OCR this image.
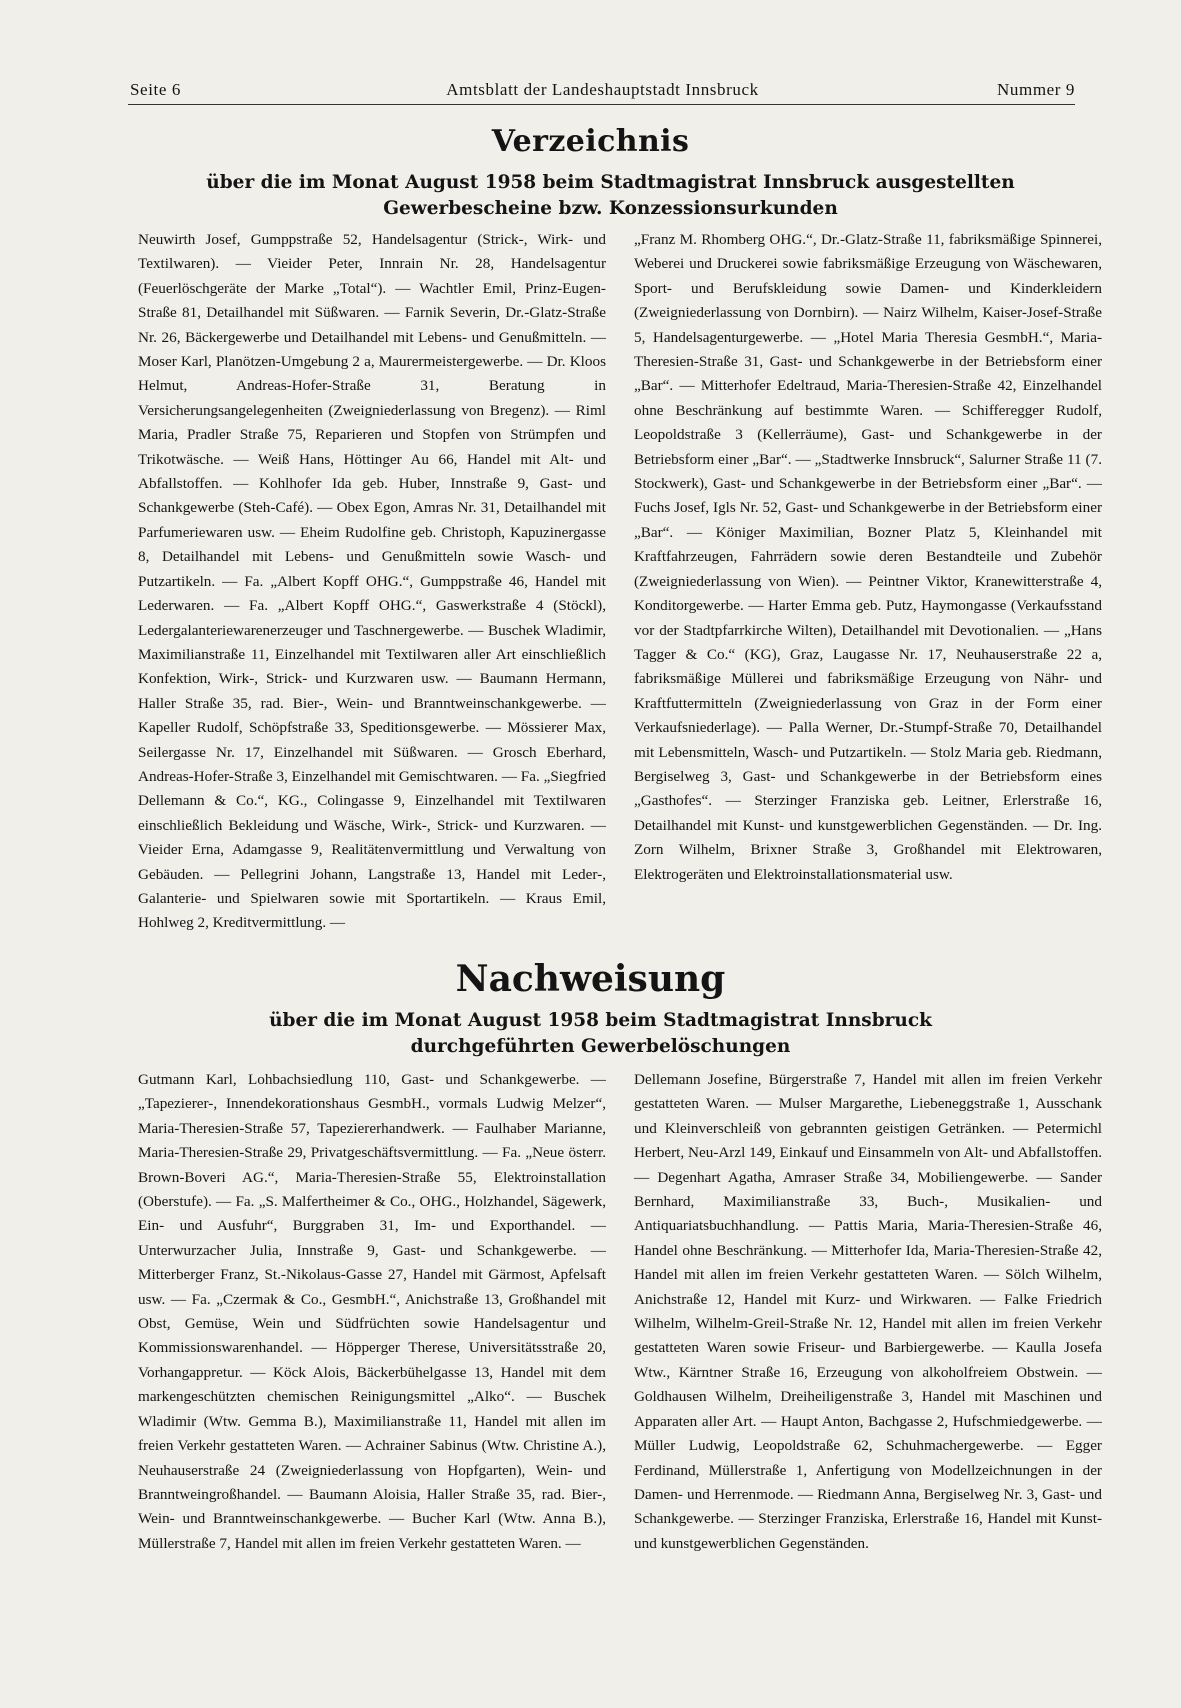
Seite 6	Amtsblatt der Landeshauptstadt Innsbruck	Nummer 9
Verzeichnis
über die im Monat August 1958 beim Stadtmagistrat Innsbruck ausgestellten
Gewerbescheine bzw. Konzessionsurkunden

Neuwirth Josef, Gumppstraße 52, Handelsagentur (Strick-, Wirk- und Textilwaren). — Vieider Peter, Innrain Nr. 28, Handelsagentur (Feuerlöschgeräte der Marke „Total“). — Wachtler Emil, Prinz-Eugen-Straße 81, Detailhandel mit Süßwaren. — Farnik Severin, Dr.-Glatz-Straße Nr. 26, Bäckergewerbe und Detailhandel mit Lebens- und Genußmitteln. — Moser Karl, Planötzen-Umgebung 2 a, Maurermeistergewerbe. — Dr. Kloos Helmut, Andreas-Hofer-Straße 31, Beratung in Versicherungsangelegenheiten (Zweigniederlassung von Bregenz). — Riml Maria, Pradler Straße 75, Reparieren und Stopfen von Strümpfen und Trikotwäsche. — Weiß Hans, Höttinger Au 66, Handel mit Alt- und Abfallstoffen. — Kohlhofer Ida geb. Huber, Innstraße 9, Gast- und Schankgewerbe (Steh-Café). — Obex Egon, Amras Nr. 31, Detailhandel mit Parfumeriewaren usw. — Eheim Rudolfine geb. Christoph, Kapuzinergasse 8, Detailhandel mit Lebens- und Genußmitteln sowie Wasch- und Putzartikeln. — Fa. „Albert Kopff OHG.“, Gumppstraße 46, Handel mit Lederwaren. — Fa. „Albert Kopff OHG.“, Gaswerkstraße 4 (Stöckl), Ledergalanteriewarenerzeuger und Taschnergewerbe. — Buschek Wladimir, Maximilianstraße 11, Einzelhandel mit Textilwaren aller Art einschließlich Konfektion, Wirk-, Strick- und Kurzwaren usw. — Baumann Hermann, Haller Straße 35, rad. Bier-, Wein- und Branntweinschankgewerbe. — Kapeller Rudolf, Schöpfstraße 33, Speditionsgewerbe. — Mössierer Max, Seilergasse Nr. 17, Einzelhandel mit Süßwaren. — Grosch Eberhard, Andreas-Hofer-Straße 3, Einzelhandel mit Gemischtwaren. — Fa. „Siegfried Dellemann & Co.“, KG., Colingasse 9, Einzelhandel mit Textilwaren einschließlich Bekleidung und Wäsche, Wirk-, Strick- und Kurzwaren. — Vieider Erna, Adamgasse 9, Realitätenvermittlung und Verwaltung von Gebäuden. — Pellegrini Johann, Langstraße 13, Handel mit Leder-, Galanterie- und Spielwaren sowie mit Sportartikeln. — Kraus Emil, Hohlweg 2, Kreditvermittlung. —

„Franz M. Rhomberg OHG.“, Dr.-Glatz-Straße 11, fabriksmäßige Spinnerei, Weberei und Druckerei sowie fabriksmäßige Erzeugung von Wäschewaren, Sport- und Berufskleidung sowie Damen- und Kinderkleidern (Zweigniederlassung von Dornbirn). — Nairz Wilhelm, Kaiser-Josef-Straße 5, Handelsagenturgewerbe. — „Hotel Maria Theresia GesmbH.“, Maria-Theresien-Straße 31, Gast- und Schankgewerbe in der Betriebsform einer „Bar“. — Mitterhofer Edeltraud, Maria-Theresien-Straße 42, Einzelhandel ohne Beschränkung auf bestimmte Waren. — Schifferegger Rudolf, Leopoldstraße 3 (Kellerräume), Gast- und Schankgewerbe in der Betriebsform einer „Bar“. — „Stadtwerke Innsbruck“, Salurner Straße 11 (7. Stockwerk), Gast- und Schankgewerbe in der Betriebsform einer „Bar“. — Fuchs Josef, Igls Nr. 52, Gast- und Schankgewerbe in der Betriebsform einer „Bar“. — Königer Maximilian, Bozner Platz 5, Kleinhandel mit Kraftfahrzeugen, Fahrrädern sowie deren Bestandteile und Zubehör (Zweigniederlassung von Wien). — Peintner Viktor, Kranewitterstraße 4, Konditorgewerbe. — Harter Emma geb. Putz, Haymongasse (Verkaufsstand vor der Stadtpfarrkirche Wilten), Detailhandel mit Devotionalien. — „Hans Tagger & Co.“ (KG), Graz, Laugasse Nr. 17, Neuhauserstraße 22 a, fabriksmäßige Müllerei und fabriksmäßige Erzeugung von Nähr- und Kraftfuttermitteln (Zweigniederlassung von Graz in der Form einer Verkaufsniederlage). — Palla Werner, Dr.-Stumpf-Straße 70, Detailhandel mit Lebensmitteln, Wasch- und Putzartikeln. — Stolz Maria geb. Riedmann, Bergiselweg 3, Gast- und Schankgewerbe in der Betriebsform eines „Gasthofes“. — Sterzinger Franziska geb. Leitner, Erlerstraße 16, Detailhandel mit Kunst- und kunstgewerblichen Gegenständen. — Dr. Ing. Zorn Wilhelm, Brixner Straße 3, Großhandel mit Elektrowaren, Elektrogeräten und Elektroinstallationsmaterial usw.

Nachweisung
über die im Monat August 1958 beim Stadtmagistrat Innsbruck
durchgeführten Gewerbelöschungen

Gutmann Karl, Lohbachsiedlung 110, Gast- und Schankgewerbe. — „Tapezierer-, Innendekorationshaus GesmbH., vormals Ludwig Melzer“, Maria-Theresien-Straße 57, Tapeziererhandwerk. — Faulhaber Marianne, Maria-Theresien-Straße 29, Privatgeschäftsvermittlung. — Fa. „Neue österr. Brown-Boveri AG.“, Maria-Theresien-Straße 55, Elektroinstallation (Oberstufe). — Fa. „S. Malfertheimer & Co., OHG., Holzhandel, Sägewerk, Ein- und Ausfuhr“, Burggraben 31, Im- und Exporthandel. — Unterwurzacher Julia, Innstraße 9, Gast- und Schankgewerbe. — Mitterberger Franz, St.-Nikolaus-Gasse 27, Handel mit Gärmost, Apfelsaft usw. — Fa. „Czermak & Co., GesmbH.“, Anichstraße 13, Großhandel mit Obst, Gemüse, Wein und Südfrüchten sowie Handelsagentur und Kommissionswarenhandel. — Höpperger Therese, Universitätsstraße 20, Vorhangappretur. — Köck Alois, Bäckerbühelgasse 13, Handel mit dem markengeschützten chemischen Reinigungsmittel „Alko“. — Buschek Wladimir (Wtw. Gemma B.), Maximilianstraße 11, Handel mit allen im freien Verkehr gestatteten Waren. — Achrainer Sabinus (Wtw. Christine A.), Neuhauserstraße 24 (Zweigniederlassung von Hopfgarten), Wein- und Branntweingroßhandel. — Baumann Aloisia, Haller Straße 35, rad. Bier-, Wein- und Branntweinschankgewerbe. — Bucher Karl (Wtw. Anna B.), Müllerstraße 7, Handel mit allen im freien Verkehr gestatteten Waren. —

Dellemann Josefine, Bürgerstraße 7, Handel mit allen im freien Verkehr gestatteten Waren. — Mulser Margarethe, Liebeneggstraße 1, Ausschank und Kleinverschleiß von gebrannten geistigen Getränken. — Petermichl Herbert, Neu-Arzl 149, Einkauf und Einsammeln von Alt- und Abfallstoffen. — Degenhart Agatha, Amraser Straße 34, Mobiliengewerbe. — Sander Bernhard, Maximilianstraße 33, Buch-, Musikalien- und Antiquariatsbuchhandlung. — Pattis Maria, Maria-Theresien-Straße 46, Handel ohne Beschränkung. — Mitterhofer Ida, Maria-Theresien-Straße 42, Handel mit allen im freien Verkehr gestatteten Waren. — Sölch Wilhelm, Anichstraße 12, Handel mit Kurz- und Wirkwaren. — Falke Friedrich Wilhelm, Wilhelm-Greil-Straße Nr. 12, Handel mit allen im freien Verkehr gestatteten Waren sowie Friseur- und Barbiergewerbe. — Kaulla Josefa Wtw., Kärntner Straße 16, Erzeugung von alkoholfreiem Obstwein. — Goldhausen Wilhelm, Dreiheiligenstraße 3, Handel mit Maschinen und Apparaten aller Art. — Haupt Anton, Bachgasse 2, Hufschmiedgewerbe. — Müller Ludwig, Leopoldstraße 62, Schuhmachergewerbe. — Egger Ferdinand, Müllerstraße 1, Anfertigung von Modellzeichnungen in der Damen- und Herrenmode. — Riedmann Anna, Bergiselweg Nr. 3, Gast- und Schankgewerbe. — Sterzinger Franziska, Erlerstraße 16, Handel mit Kunst- und kunstgewerblichen Gegenständen.
